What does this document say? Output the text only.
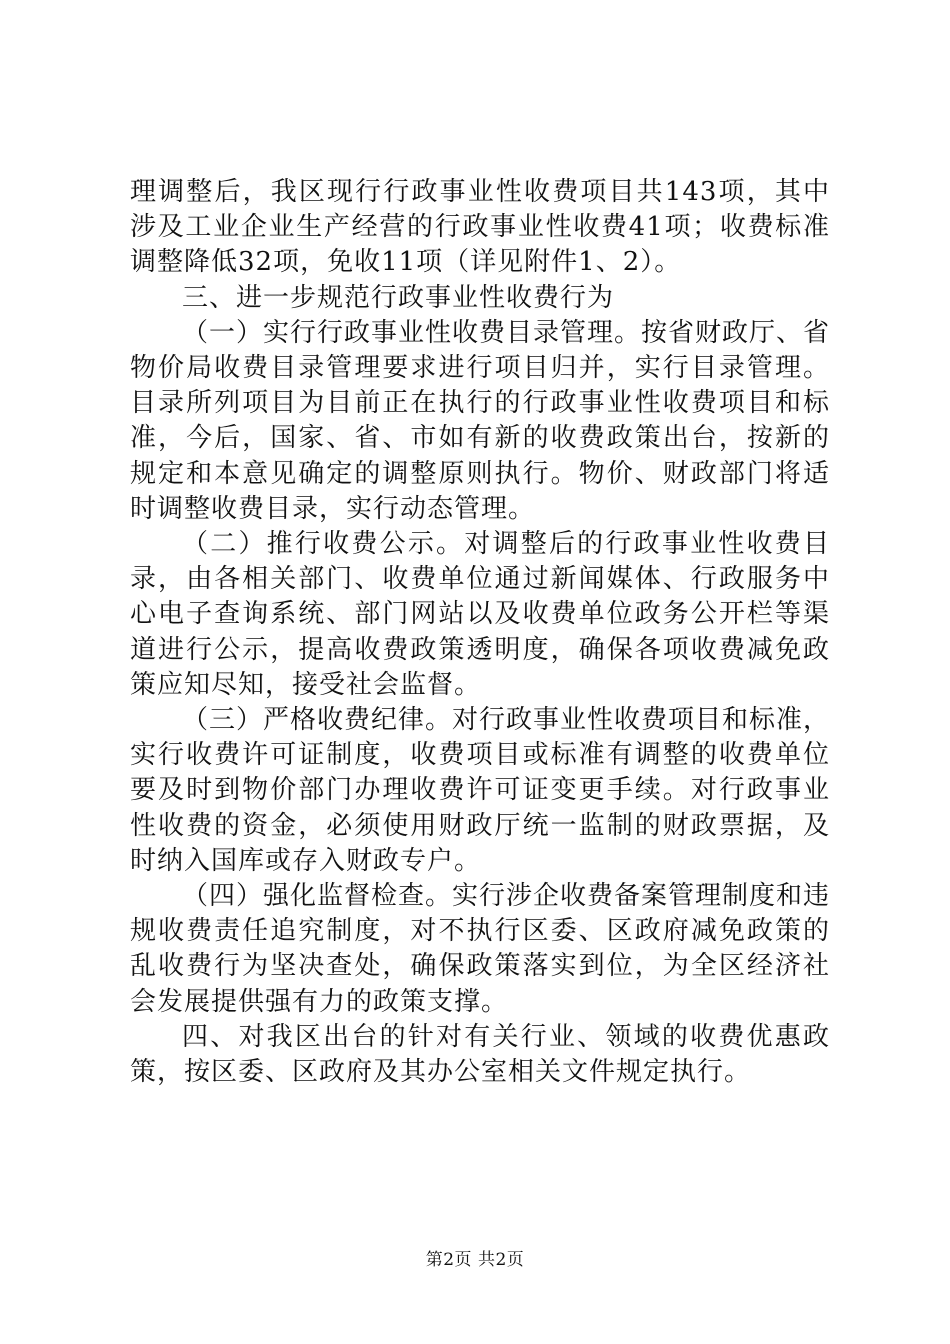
理调整后，我区现行行政事业性收费项目共143项，其中涉及工业企业生产经营的行政事业性收费41项；收费标准调整降低32项，免收11项（详见附件1、2）。

三、进一步规范行政事业性收费行为

（一）实行行政事业性收费目录管理。按省财政厅、省物价局收费目录管理要求进行项目归并，实行目录管理。目录所列项目为目前正在执行的行政事业性收费项目和标准，今后，国家、省、市如有新的收费政策出台，按新的规定和本意见确定的调整原则执行。物价、财政部门将适时调整收费目录，实行动态管理。

（二）推行收费公示。对调整后的行政事业性收费目录，由各相关部门、收费单位通过新闻媒体、行政服务中心电子查询系统、部门网站以及收费单位政务公开栏等渠道进行公示，提高收费政策透明度，确保各项收费减免政策应知尽知，接受社会监督。

（三）严格收费纪律。对行政事业性收费项目和标准，实行收费许可证制度，收费项目或标准有调整的收费单位要及时到物价部门办理收费许可证变更手续。对行政事业性收费的资金，必须使用财政厅统一监制的财政票据，及时纳入国库或存入财政专户。

（四）强化监督检查。实行涉企收费备案管理制度和违规收费责任追究制度，对不执行区委、区政府减免政策的乱收费行为坚决查处，确保政策落实到位，为全区经济社会发展提供强有力的政策支撑。

四、对我区出台的针对有关行业、领域的收费优惠政策，按区委、区政府及其办公室相关文件规定执行。

第2页 共2页
